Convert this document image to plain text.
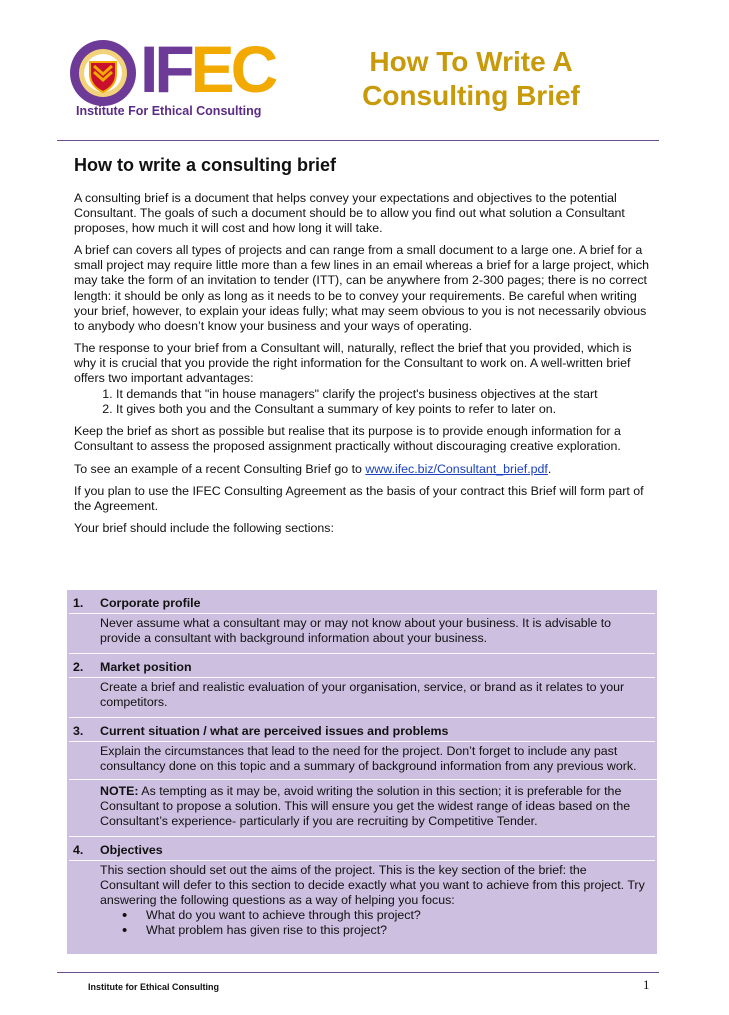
IFEC
Institute For Ethical Consulting
How To Write A
Consulting Brief
How to write a consulting brief

A consulting brief is a document that helps convey your expectations and objectives to the potential Consultant. The goals of such a document should be to allow you find out what solution a Consultant proposes, how much it will cost and how long it will take.

A brief can covers all types of projects and can range from a small document to a large one. A brief for a small project may require little more than a few lines in an email whereas a brief for a large project, which may take the form of an invitation to tender (ITT), can be anywhere from 2-300 pages; there is no correct length: it should be only as long as it needs to be to convey your requirements. Be careful when writing your brief, however, to explain your ideas fully; what may seem obvious to you is not necessarily obvious to anybody who doesn’t know your business and your ways of operating.

The response to your brief from a Consultant will, naturally, reflect the brief that you provided, which is why it is crucial that you provide the right information for the Consultant to work on. A well-written brief offers two important advantages:

1. It demands that "in house managers" clarify the project's business objectives at the start
2. It gives both you and the Consultant a summary of key points to refer to later on.

Keep the brief as short as possible but realise that its purpose is to provide enough information for a Consultant to assess the proposed assignment practically without discouraging creative exploration.

To see an example of a recent Consulting Brief go to www.ifec.biz/Consultant_brief.pdf.

If you plan to use the IFEC Consulting Agreement as the basis of your contract this Brief will form part of the Agreement.

Your brief should include the following sections:

1.	Corporate profile

Never assume what a consultant may or may not know about your business. It is advisable to provide a consultant with background information about your business.

2.	Market position

Create a brief and realistic evaluation of your organisation, service, or brand as it relates to your competitors.

3.	Current situation / what are perceived issues and problems

Explain the circumstances that lead to the need for the project. Don’t forget to include any past consultancy done on this topic and a summary of background information from any previous work.

NOTE: As tempting as it may be, avoid writing the solution in this section; it is preferable for the Consultant to propose a solution. This will ensure you get the widest range of ideas based on the Consultant’s experience- particularly if you are recruiting by Competitive Tender.

4.	Objectives

This section should set out the aims of the project. This is the key section of the brief: the Consultant will defer to this section to decide exactly what you want to achieve from this project. Try answering the following questions as a way of helping you focus:

• What do you want to achieve through this project?
• What problem has given rise to this project?
Institute for Ethical Consulting	1
